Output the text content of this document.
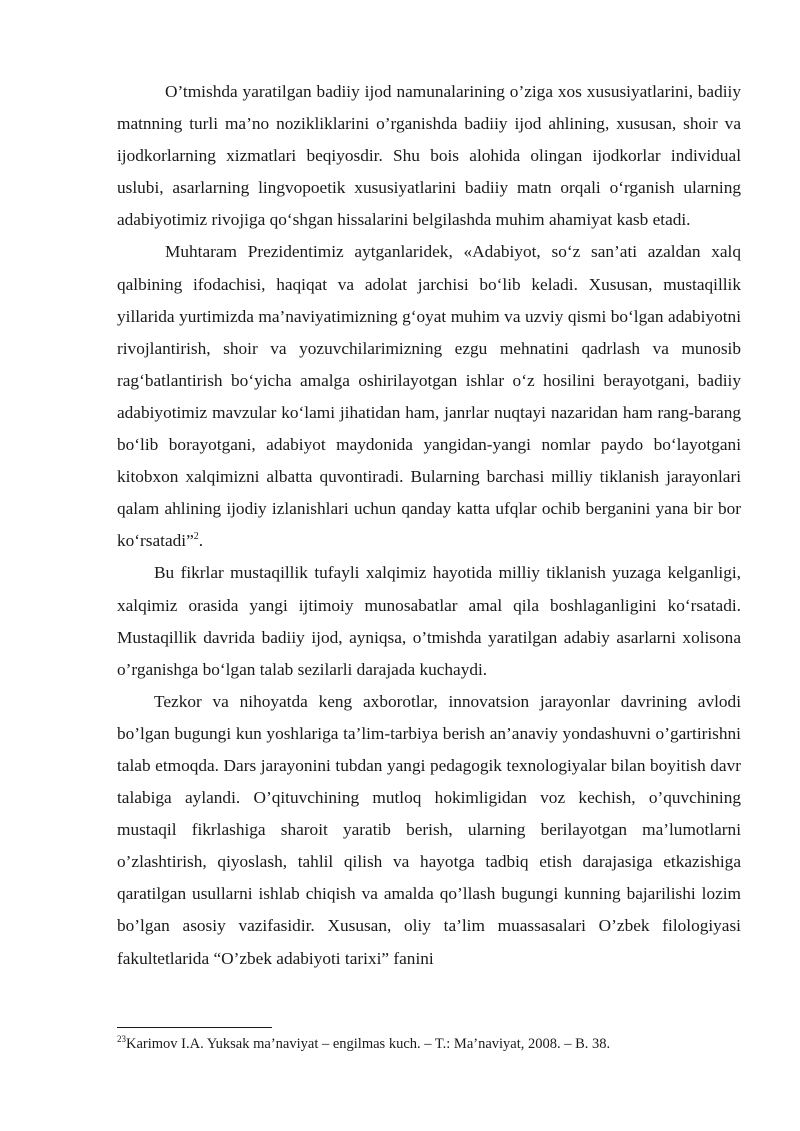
O’tmishda yaratilgan badiiy ijod namunalarining o’ziga xos xususiyatlarini, badiiy matnning turli ma’no nozikliklarini o’rganishda badiiy ijod ahlining, xususan, shoir va ijodkorlarning xizmatlari beqiyosdir. Shu bois alohida olingan ijodkorlar individual uslubi, asarlarning lingvopoetik xususiyatlarini badiiy matn orqali o‘rganish ularning adabiyotimiz rivojiga qo‘shgan hissalarini belgilashda muhim ahamiyat kasb etadi.

Muhtaram Prezidentimiz aytganlaridek, «Adabiyot, so‘z san’ati azaldan xalq qalbining ifodachisi, haqiqat va adolat jarchisi bo‘lib keladi. Xususan, mustaqillik yillarida yurtimizda ma’naviyatimizning g‘oyat muhim va uzviy qismi bo‘lgan adabiyotni rivojlantirish, shoir va yozuvchilarimizning ezgu mehnatini qadrlash va munosib rag‘batlantirish bo‘yicha amalga oshirilayotgan ishlar o‘z hosilini berayotgani, badiiy adabiyotimiz mavzular ko‘lami jihatidan ham, janrlar nuqtayi nazaridan ham rang-barang bo‘lib borayotgani, adabiyot maydonida yangidan-yangi nomlar paydo bo‘layotgani kitobxon xalqimizni albatta quvontiradi. Bularning barchasi milliy tiklanish jarayonlari qalam ahlining ijodiy izlanishlari uchun qanday katta ufqlar ochib berganini yana bir bor ko‘rsatadi”$^2$.

Bu fikrlar mustaqillik tufayli xalqimiz hayotida milliy tiklanish yuzaga kelganligi, xalqimiz orasida yangi ijtimoiy munosabatlar amal qila boshlaganligini ko‘rsatadi. Mustaqillik davrida badiiy ijod, ayniqsa, o’tmishda yaratilgan adabiy asarlarni xolisona o’rganishga bo‘lgan talab sezilarli darajada kuchaydi.

Tezkor va nihoyatda keng axborotlar, innovatsion jarayonlar davrining avlodi bo’lgan bugungi kun yoshlariga ta’lim-tarbiya berish an’anaviy yondashuvni o’gartirishni talab etmoqda. Dars jarayonini tubdan yangi pedagogik texnologiyalar bilan boyitish davr talabiga aylandi. O’qituvchining mutloq hokimligidan voz kechish, o’quvchining mustaqil fikrlashiga sharoit yaratib berish, ularning berilayotgan ma’lumotlarni o’zlashtirish, qiyoslash, tahlil qilish va hayotga tadbiq etish darajasiga etkazishiga qaratilgan usullarni ishlab chiqish va amalda qo’llash bugungi kunning bajarilishi lozim bo’lgan asosiy vazifasidir. Xususan, oliy ta’lim muassasalari O’zbek filologiyasi fakultetlarida “O’zbek adabiyoti tarixi” fanini

$^{23}$Karimov I.A. Yuksak ma’naviyat – engilmas kuch. – T.: Ma’naviyat, 2008. – B. 38.
